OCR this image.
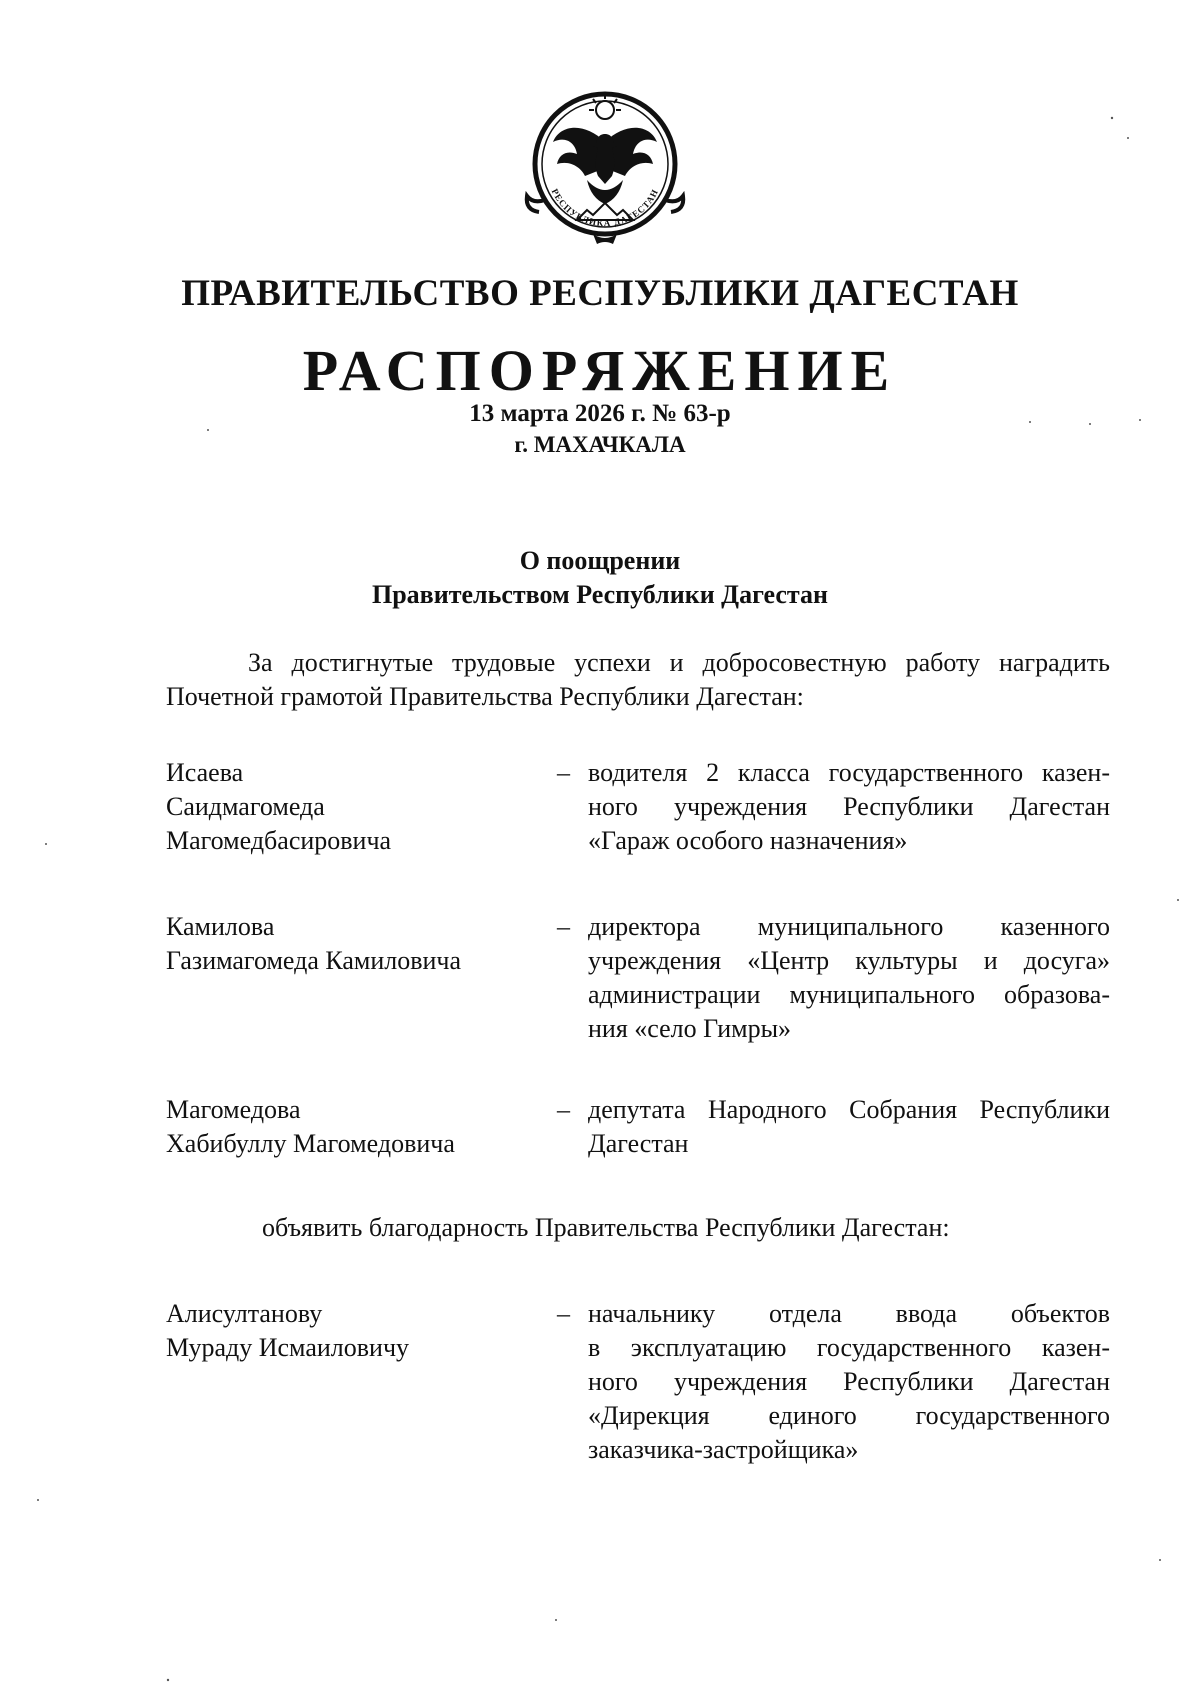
РЕСПУБЛИКА ДАГЕСТАН
ПРАВИТЕЛЬСТВО РЕСПУБЛИКИ ДАГЕСТАН
РАСПОРЯЖЕНИЕ
13 марта 2026 г. № 63-р
г. МАХАЧКАЛА
О поощрении
Правительством Республики Дагестан
За достигнутые трудовые успехи и добросовестную работу наградить Почетной грамотой Правительства Республики Дагестан:
Исаева
Саидмагомеда
Магомедбасировича
– водителя 2 класса государственного казен-
ного учреждения Республики Дагестан
«Гараж особого назначения»
Камилова
Газимагомеда Камиловича
– директора муниципального казенного
учреждения «Центр культуры и досуга»
администрации муниципального образова-
ния «село Гимры»
Магомедова
Хабибуллу Магомедовича
– депутата Народного Собрания Республики
Дагестан
объявить благодарность Правительства Республики Дагестан:
Алисултанову
Мураду Исмаиловичу
– начальнику отдела ввода объектов
в эксплуатацию государственного казен-
ного учреждения Республики Дагестан
«Дирекция единого государственного
заказчика-застройщика»
